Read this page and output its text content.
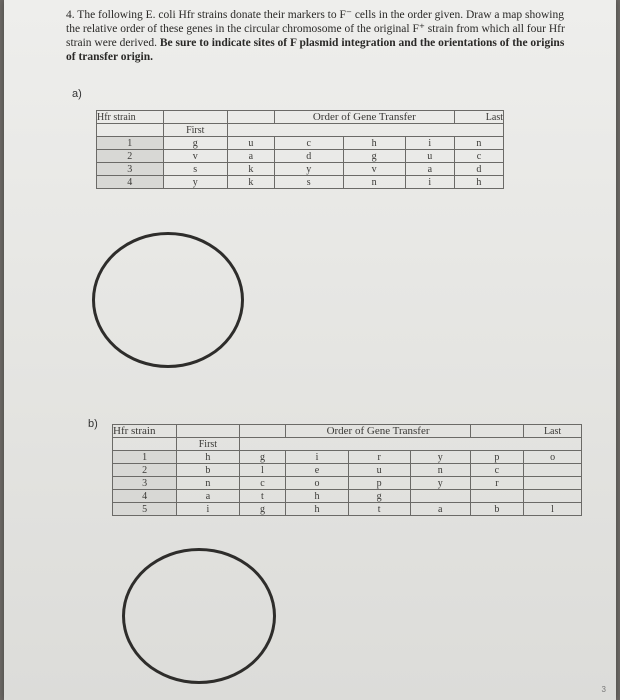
4. The following E. coli Hfr strains donate their markers to F⁻ cells in the order given. Draw a map showing the relative order of these genes in the circular chromosome of the original F⁺ strain from which all four Hfr strain were derived. Be sure to indicate sites of F plasmid integration and the orientations of the origins of transfer origin.
a)
Hfr strain			Order of Gene Transfer			Last
	First					
1	g	u	c	h	i	n
2	v	a	d	g	u	c
3	s	k	y	v	a	d
4	y	k	s	n	i	h
b)
Hfr strain			Order of Gene Transfer				Last
	First						
1	h	g	i	r	y	p	o
2	b	l	e	u	n	c	
3	n	c	o	p	y	r	
4	a	t	h	g			
5	i	g	h	t	a	b	l
3
